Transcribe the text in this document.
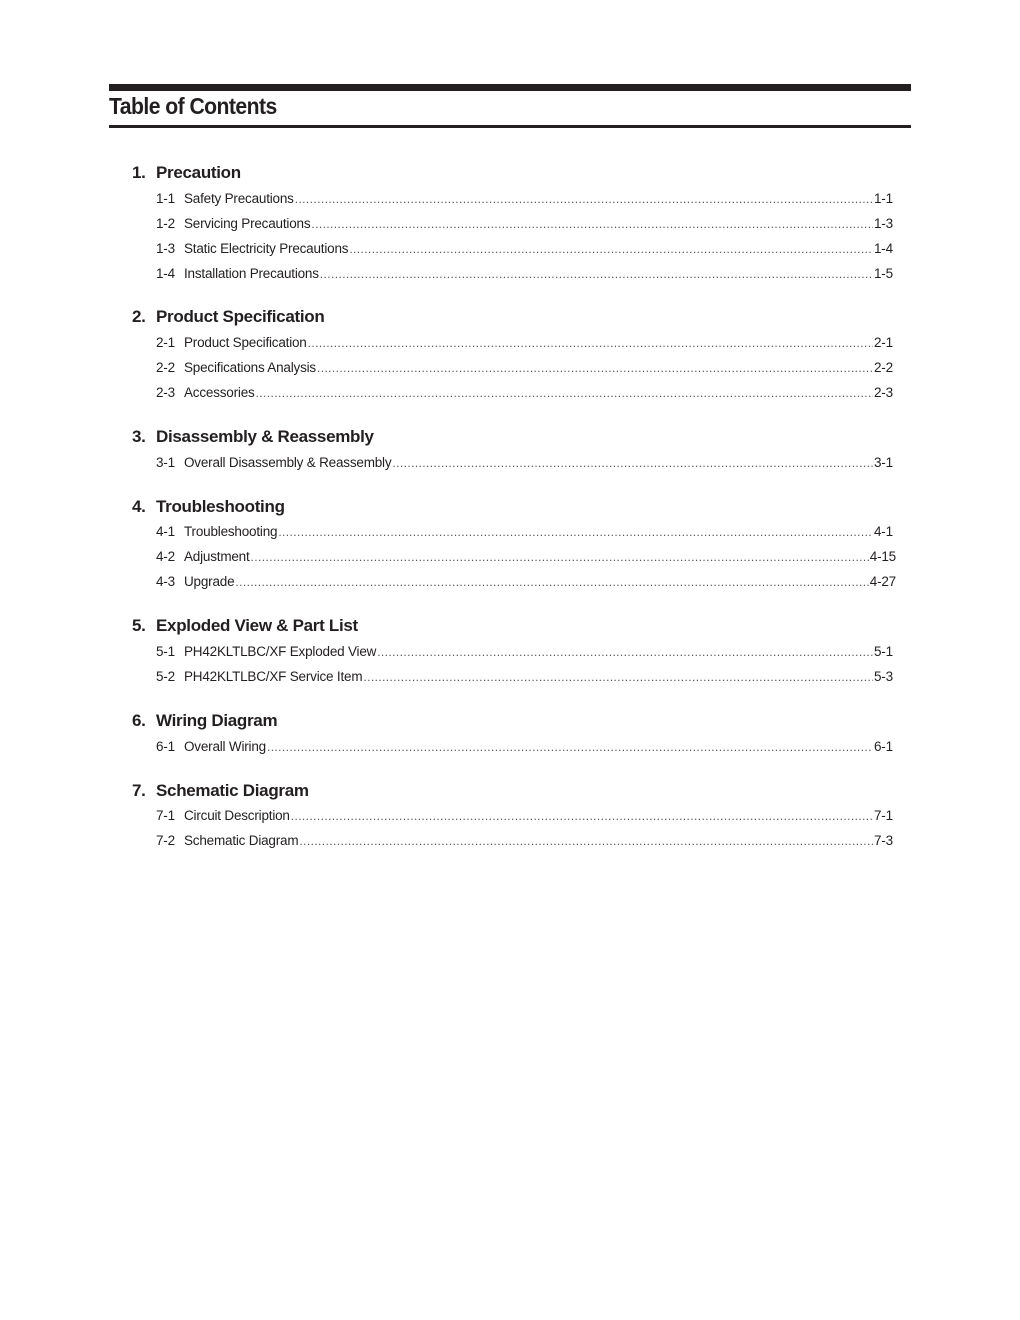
Table of Contents
1. Precaution
1-1 Safety Precautions .....	1-1
1-2 Servicing Precautions .....	1-3
1-3 Static Electricity Precautions .....	1-4
1-4 Installation Precautions .....	1-5
2. Product Specification
2-1 Product Specification .....	2-1
2-2 Specifications Analysis .....	2-2
2-3 Accessories .....	2-3
3. Disassembly & Reassembly
3-1 Overall Disassembly & Reassembly .....	3-1
4. Troubleshooting
4-1 Troubleshooting .....	4-1
4-2 Adjustment .....	4-15
4-3 Upgrade .....	4-27
5. Exploded View & Part List
5-1 PH42KLTLBC/XF Exploded View .....	5-1
5-2 PH42KLTLBC/XF Service Item .....	5-3
6. Wiring Diagram
6-1 Overall Wiring .....	6-1
7. Schematic Diagram
7-1 Circuit Description .....	7-1
7-2 Schematic Diagram .....	7-3
